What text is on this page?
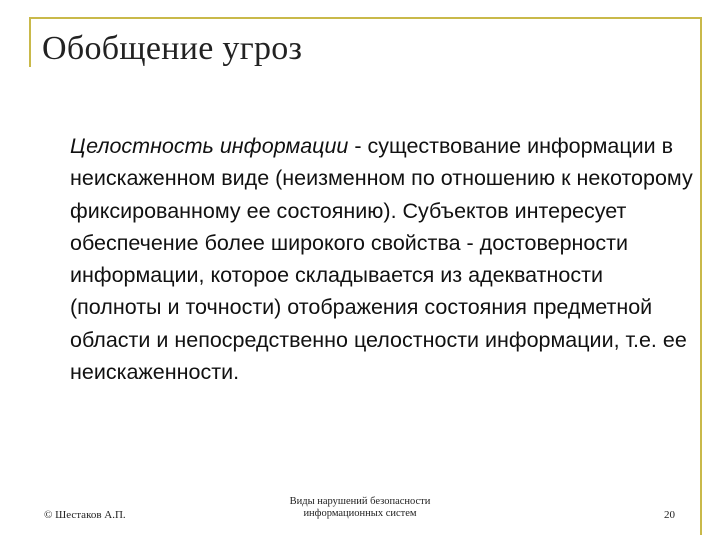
Обобщение угроз

Целостность информации - существование информации в неискаженном виде (неизменном по отношению к некоторому фиксированному ее состоянию). Субъектов интересует обеспечение более широкого свойства - достоверности информации, которое складывается из адекватности (полноты и точности) отображения состояния предметной области и непосредственно целостности информации, т.е. ее неискаженности.

© Шестаков А.П.
Виды нарушений безопасности
информационных систем	20
